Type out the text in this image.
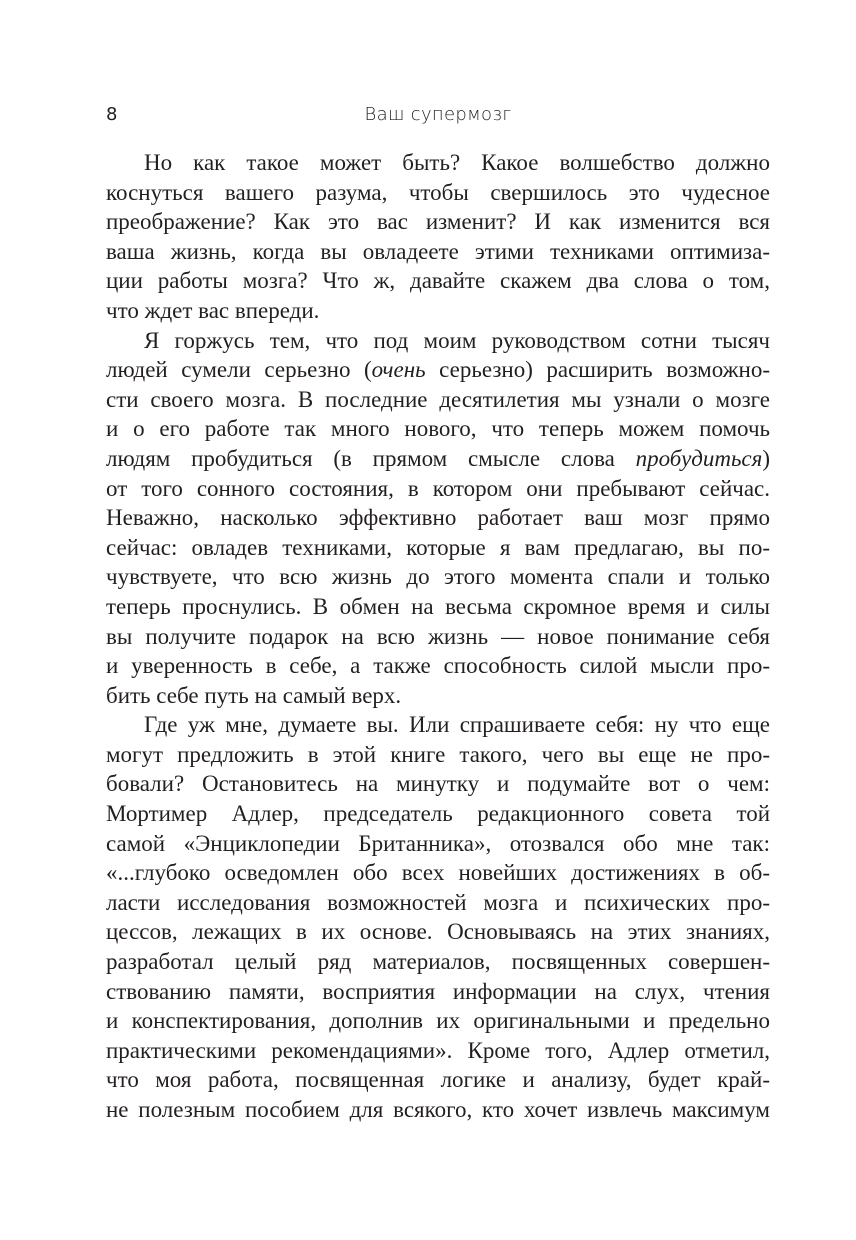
8	Ваш супермозг
Но как такое может быть? Какое волшебство должно
коснуться вашего разума, чтобы свершилось это чудесное
преображение? Как это вас изменит? И как изменится вся
ваша жизнь, когда вы овладеете этими техниками оптимиза-
ции работы мозга? Что ж, давайте скажем два слова о том,
что ждет вас впереди.
Я горжусь тем, что под моим руководством сотни тысяч
людей сумели серьезно (очень серьезно) расширить возможно-
сти своего мозга. В последние десятилетия мы узнали о мозге
и о его работе так много нового, что теперь можем помочь
людям пробудиться (в прямом смысле слова пробудиться)
от того сонного состояния, в котором они пребывают сейчас.
Неважно, насколько эффективно работает ваш мозг прямо
сейчас: овладев техниками, которые я вам предлагаю, вы по-
чувствуете, что всю жизнь до этого момента спали и только
теперь проснулись. В обмен на весьма скромное время и силы
вы получите подарок на всю жизнь — новое понимание себя
и уверенность в себе, а также способность силой мысли про-
бить себе путь на самый верх.
Где уж мне, думаете вы. Или спрашиваете себя: ну что еще
могут предложить в этой книге такого, чего вы еще не про-
бовали? Остановитесь на минутку и подумайте вот о чем:
Мортимер Адлер, председатель редакционного совета той
самой «Энциклопедии Британника», отозвался обо мне так:
«...глубоко осведомлен обо всех новейших достижениях в об-
ласти исследования возможностей мозга и психических про-
цессов, лежащих в их основе. Основываясь на этих знаниях,
разработал целый ряд материалов, посвященных совершен-
ствованию памяти, восприятия информации на слух, чтения
и конспектирования, дополнив их оригинальными и предельно
практическими рекомендациями». Кроме того, Адлер отметил,
что моя работа, посвященная логике и анализу, будет край-
не полезным пособием для всякого, кто хочет извлечь максимум
